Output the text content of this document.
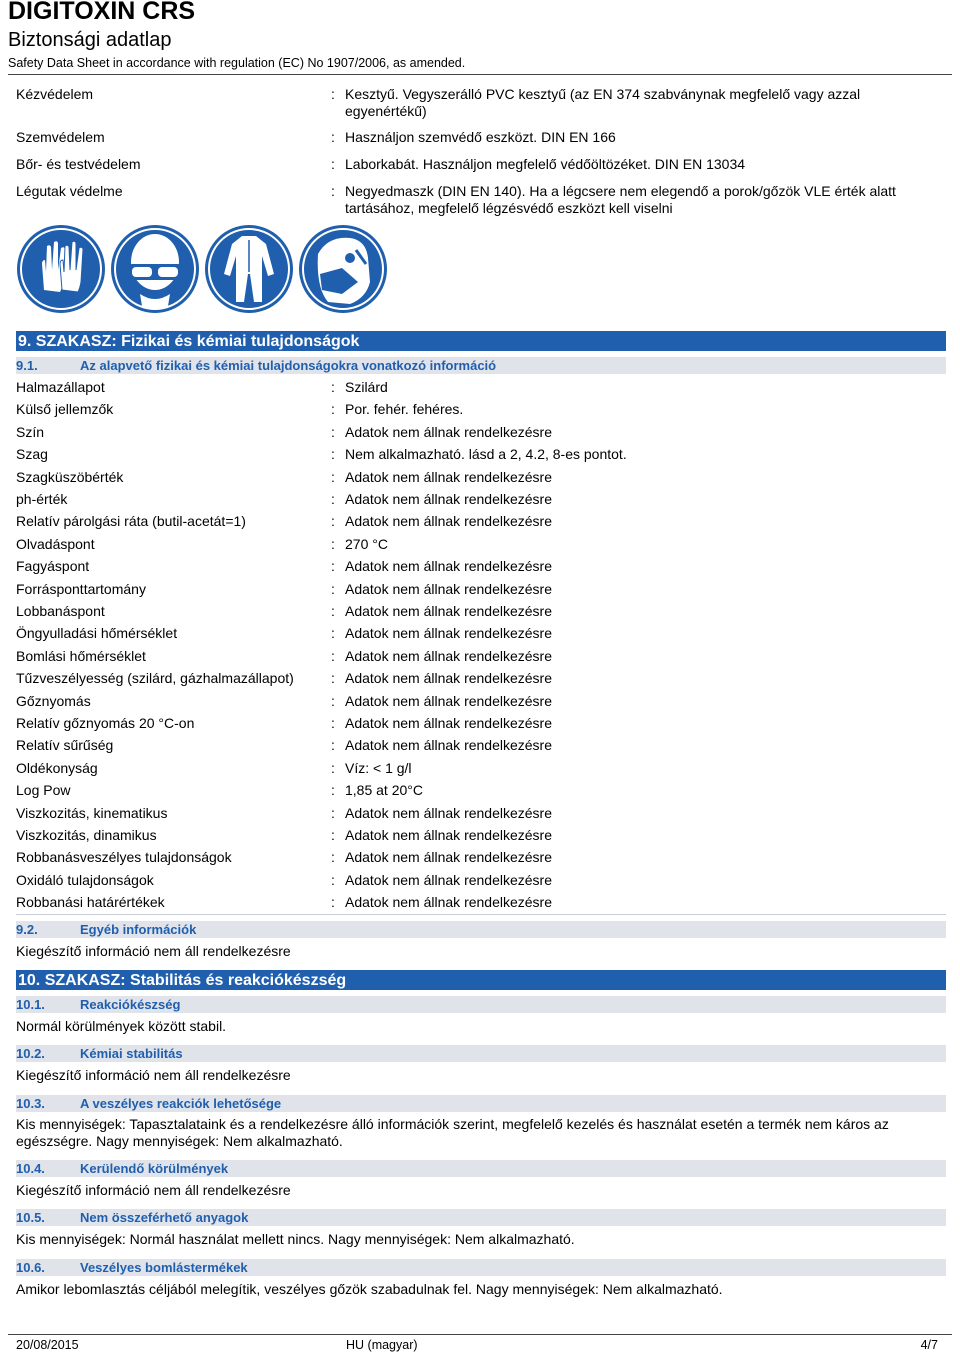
DIGITOXIN CRS
Biztonsági adatlap
Safety Data Sheet in accordance with regulation (EC) No 1907/2006, as amended.
Kézvédelem	: Kesztyű. Vegyszerálló PVC kesztyű (az EN 374 szabványnak megfelelő vagy azzal egyenértékű)
Szemvédelem	: Használjon szemvédő eszközt. DIN EN 166
Bőr- és testvédelem	: Laborkabát. Használjon megfelelő védőöltözéket. DIN EN 13034
Légutak védelme	: Negyedmaszk (DIN EN 140). Ha a légcsere nem elegendő a porok/gőzök VLE érték alatt tartásához, megfelelő légzésvédő eszközt kell viselni
9. SZAKASZ: Fizikai és kémiai tulajdonságok
9.1.	Az alapvető fizikai és kémiai tulajdonságokra vonatkozó információ
Halmazállapot	: Szilárd
Külső jellemzők	: Por. fehér. fehéres.
Szín	: Adatok nem állnak rendelkezésre
Szag	: Nem alkalmazható. lásd a 2, 4.2, 8-es pontot.
Szagküszöbérték	: Adatok nem állnak rendelkezésre
ph-érték	: Adatok nem állnak rendelkezésre
Relatív párolgási ráta (butil-acetát=1)	: Adatok nem állnak rendelkezésre
Olvadáspont	: 270 °C
Fagyáspont	: Adatok nem állnak rendelkezésre
Forrásponttartomány	: Adatok nem állnak rendelkezésre
Lobbanáspont	: Adatok nem állnak rendelkezésre
Öngyulladási hőmérséklet	: Adatok nem állnak rendelkezésre
Bomlási hőmérséklet	: Adatok nem állnak rendelkezésre
Tűzveszélyesség (szilárd, gázhalmazállapot)	: Adatok nem állnak rendelkezésre
Gőznyomás	: Adatok nem állnak rendelkezésre
Relatív gőznyomás 20 °C-on	: Adatok nem állnak rendelkezésre
Relatív sűrűség	: Adatok nem állnak rendelkezésre
Oldékonyság	: Víz: < 1 g/l
Log Pow	: 1,85 at 20°C
Viszkozitás, kinematikus	: Adatok nem állnak rendelkezésre
Viszkozitás, dinamikus	: Adatok nem állnak rendelkezésre
Robbanásveszélyes tulajdonságok	: Adatok nem állnak rendelkezésre
Oxidáló tulajdonságok	: Adatok nem állnak rendelkezésre
Robbanási határértékek	: Adatok nem állnak rendelkezésre
9.2.	Egyéb információk
Kiegészítő információ nem áll rendelkezésre
10. SZAKASZ: Stabilitás és reakciókészség
10.1.	Reakciókészség
Normál körülmények között stabil.
10.2.	Kémiai stabilitás
Kiegészítő információ nem áll rendelkezésre
10.3.	A veszélyes reakciók lehetősége
Kis mennyiségek: Tapasztalataink és a rendelkezésre álló információk szerint, megfelelő kezelés és használat esetén a termék nem káros az egészségre. Nagy mennyiségek: Nem alkalmazható.
10.4.	Kerülendő körülmények
Kiegészítő információ nem áll rendelkezésre
10.5.	Nem összeférhető anyagok
Kis mennyiségek: Normál használat mellett nincs. Nagy mennyiségek: Nem alkalmazható.
10.6.	Veszélyes bomlástermékek
Amikor lebomlasztás céljából melegítik, veszélyes gőzök szabadulnak fel. Nagy mennyiségek: Nem alkalmazható.
20/08/2015	HU (magyar)	4/7
